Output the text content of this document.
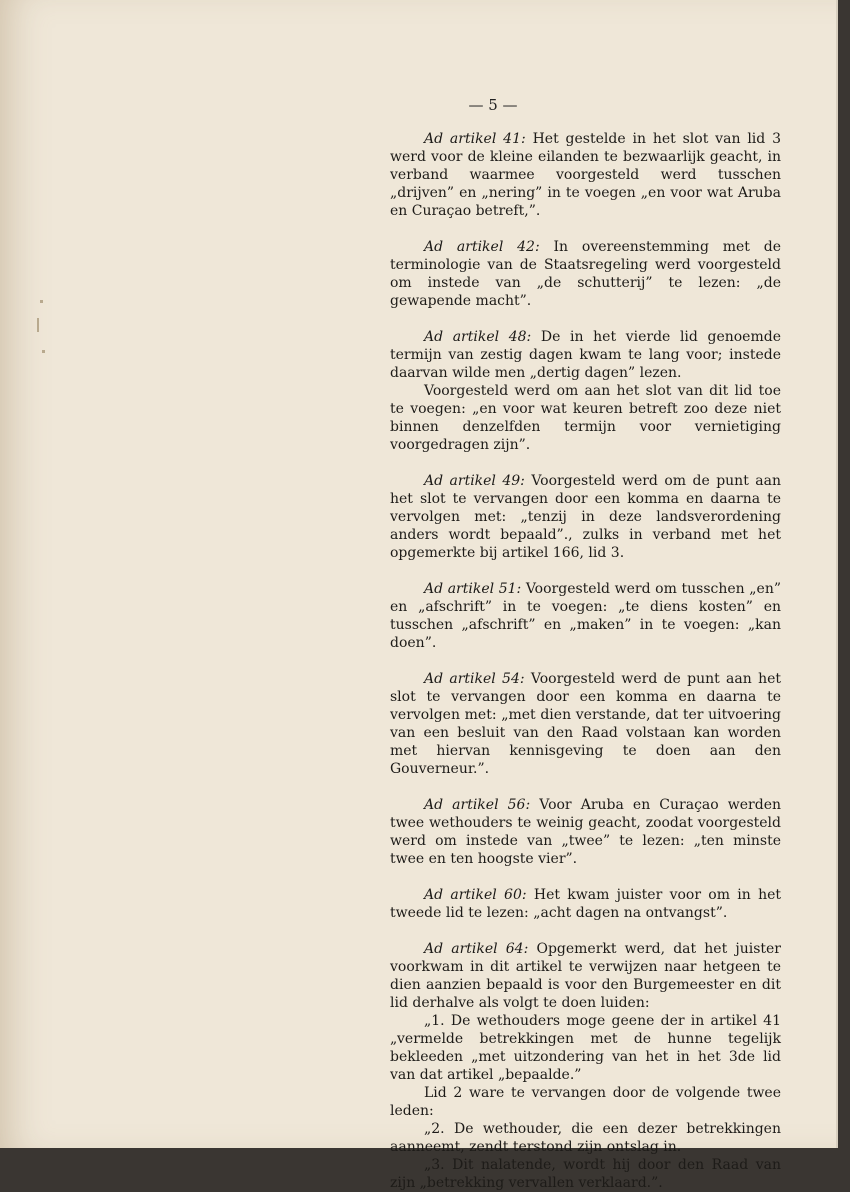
— 5 —

Ad artikel 41: Het gestelde in het slot van lid 3 werd voor de kleine eilanden te bezwaarlijk geacht, in verband waarmee voorgesteld werd tusschen „drijven” en „nering” in te voegen „en voor wat Aruba en Curaçao betreft,”.

Ad artikel 42: In overeenstemming met de terminologie van de Staatsregeling werd voorgesteld om instede van „de schutterij” te lezen: „de gewapende macht”.

Ad artikel 48: De in het vierde lid genoemde termijn van zestig dagen kwam te lang voor; instede daarvan wilde men „dertig dagen” lezen.

Voorgesteld werd om aan het slot van dit lid toe te voegen: „en voor wat keuren betreft zoo deze niet binnen denzelfden termijn voor vernietiging voorgedragen zijn”.

Ad artikel 49: Voorgesteld werd om de punt aan het slot te vervangen door een komma en daarna te vervolgen met: „tenzij in deze landsverordening anders wordt bepaald”., zulks in verband met het opgemerkte bij artikel 166, lid 3.

Ad artikel 51: Voorgesteld werd om tusschen „en” en „afschrift” in te voegen: „te diens kosten” en tusschen „afschrift” en „maken” in te voegen: „kan doen”.

Ad artikel 54: Voorgesteld werd de punt aan het slot te vervangen door een komma en daarna te vervolgen met: „met dien verstande, dat ter uitvoering van een besluit van den Raad volstaan kan worden met hiervan kennisgeving te doen aan den Gouverneur.”.

Ad artikel 56: Voor Aruba en Curaçao werden twee wethouders te weinig geacht, zoodat voorgesteld werd om instede van „twee” te lezen: „ten minste twee en ten hoogste vier”.

Ad artikel 60: Het kwam juister voor om in het tweede lid te lezen: „acht dagen na ontvangst”.

Ad artikel 64: Opgemerkt werd, dat het juister voorkwam in dit artikel te verwijzen naar hetgeen te dien aanzien bepaald is voor den Burgemeester en dit lid derhalve als volgt te doen luiden:

„1. De wethouders moge geene der in artikel 41 „vermelde betrekkingen met de hunne tegelijk bekleeden „met uitzondering van het in het 3de lid van dat artikel „bepaalde.”

Lid 2 ware te vervangen door de volgende twee leden:

„2. De wethouder, die een dezer betrekkingen aanneemt, zendt terstond zijn ontslag in.

„3. Dit nalatende, wordt hij door den Raad van zijn „betrekking vervallen verklaard.”.
